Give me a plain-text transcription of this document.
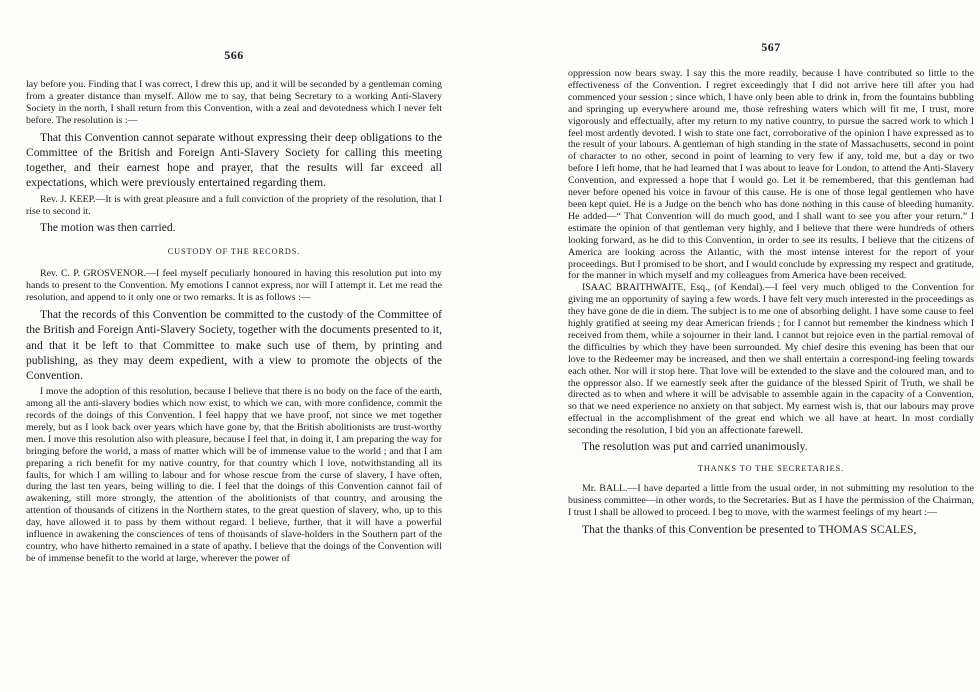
566

lay before you. Finding that I was correct, I drew this up, and it will be seconded by a gentleman coming from a greater distance than myself. Allow me to say, that being Secretary to a working Anti-Slavery Society in the north, I shall return from this Convention, with a zeal and devotedness which I never felt before. The resolution is :—

That this Convention cannot separate without expressing their deep obligations to the Committee of the British and Foreign Anti-Slavery Society for calling this meeting together, and their earnest hope and prayer, that the results will far exceed all expectations, which were previously entertained regarding them.

Rev. J. KEEP.—It is with great pleasure and a full conviction of the propriety of the resolution, that I rise to second it.

The motion was then carried.

CUSTODY OF THE RECORDS.

Rev. C. P. GROSVENOR.—I feel myself peculiarly honoured in having this resolution put into my hands to present to the Convention. My emotions I cannot express, nor will I attempt it. Let me read the resolution, and append to it only one or two remarks. It is as follows :—

That the records of this Convention be committed to the custody of the Committee of the British and Foreign Anti-Slavery Society, together with the documents presented to it, and that it be left to that Committee to make such use of them, by printing and publishing, as they may deem expedient, with a view to promote the objects of the Convention.

I move the adoption of this resolution, because I believe that there is no body on the face of the earth, among all the anti-slavery bodies which now exist, to which we can, with more confidence, commit the records of the doings of this Convention. I feel happy that we have proof, not since we met together merely, but as I look back over years which have gone by, that the British abolitionists are trust-worthy men. I move this resolution also with pleasure, because I feel that, in doing it, I am preparing the way for bringing before the world, a mass of matter which will be of immense value to the world ; and that I am preparing a rich benefit for my native country, for that country which I love, notwithstanding all its faults, for which I am willing to labour and for whose rescue from the curse of slavery, I have often, during the last ten years, being willing to die. I feel that the doings of this Convention cannot fail of awakening, still more strongly, the attention of the abolitionists of that country, and arousing the attention of thousands of citizens in the Northern states, to the great question of slavery, who, up to this day, have allowed it to pass by them without regard. I believe, further, that it will have a powerful influence in awakening the consciences of tens of thousands of slave-holders in the Southern part of the country, who have hitherto remained in a state of apathy. I believe that the doings of the Convention will be of immense benefit to the world at large, wherever the power of

567

oppression now bears sway. I say this the more readily, because I have contributed so little to the effectiveness of the Convention. I regret exceedingly that I did not arrive here till after you had commenced your session ; since which, I have only been able to drink in, from the fountains bubbling and springing up everywhere around me, those refreshing waters which will fit me, I trust, more vigorously and effectually, after my return to my native country, to pursue the sacred work to which I feel most ardently devoted. I wish to state one fact, corroborative of the opinion I have expressed as to the result of your labours. A gentleman of high standing in the state of Massachusetts, second in point of character to no other, second in point of learning to very few if any, told me, but a day or two before I left home, that he had learned that I was about to leave for London, to attend the Anti-Slavery Convention, and expressed a hope that I would go. Let it be remembered, that this gentleman had never before opened his voice in favour of this cause. He is one of those legal gentlemen who have been kept quiet. He is a Judge on the bench who has done nothing in this cause of bleeding humanity. He added—“ That Convention will do much good, and I shall want to see you after your return.” I estimate the opinion of that gentleman very highly, and I believe that there were hundreds of others looking forward, as he did to this Convention, in order to see its results. I believe that the citizens of America are looking across the Atlantic, with the most intense interest for the report of your proceedings. But I promised to be short, and I would conclude by expressing my respect and gratitude, for the manner in which myself and my colleagues from America have been received.

ISAAC BRAITHWAITE, Esq., (of Kendal).—I feel very much obliged to the Convention for giving me an opportunity of saying a few words. I have felt very much interested in the proceedings as they have gone de die in diem. The subject is to me one of absorbing delight. I have some cause to feel highly gratified at seeing my dear American friends ; for I cannot but remember the kindness which I received from them, while a sojourner in their land. I cannot but rejoice even in the partial removal of the difficulties by which they have been surrounded. My chief desire this evening has been that our love to the Redeemer may be increased, and then we shall entertain a correspond-ing feeling towards each other. Nor will it stop here. That love will be extended to the slave and the coloured man, and to the oppressor also. If we earnestly seek after the guidance of the blessed Spirit of Truth, we shall be directed as to when and where it will be advisable to assemble again in the capacity of a Convention, so that we need experience no anxiety on that subject. My earnest wish is, that our labours may prove effectual in the accomplishment of the great end which we all have at heart. In most cordially seconding the resolution, I bid you an affectionate farewell.

The resolution was put and carried unanimously.

THANKS TO THE SECRETARIES.

Mr. BALL.—I have departed a little from the usual order, in not submitting my resolution to the business committee—in other words, to the Secretaries. But as I have the permission of the Chairman, I trust I shall be allowed to proceed. I beg to move, with the warmest feelings of my heart :—

That the thanks of this Convention be presented to THOMAS SCALES,
